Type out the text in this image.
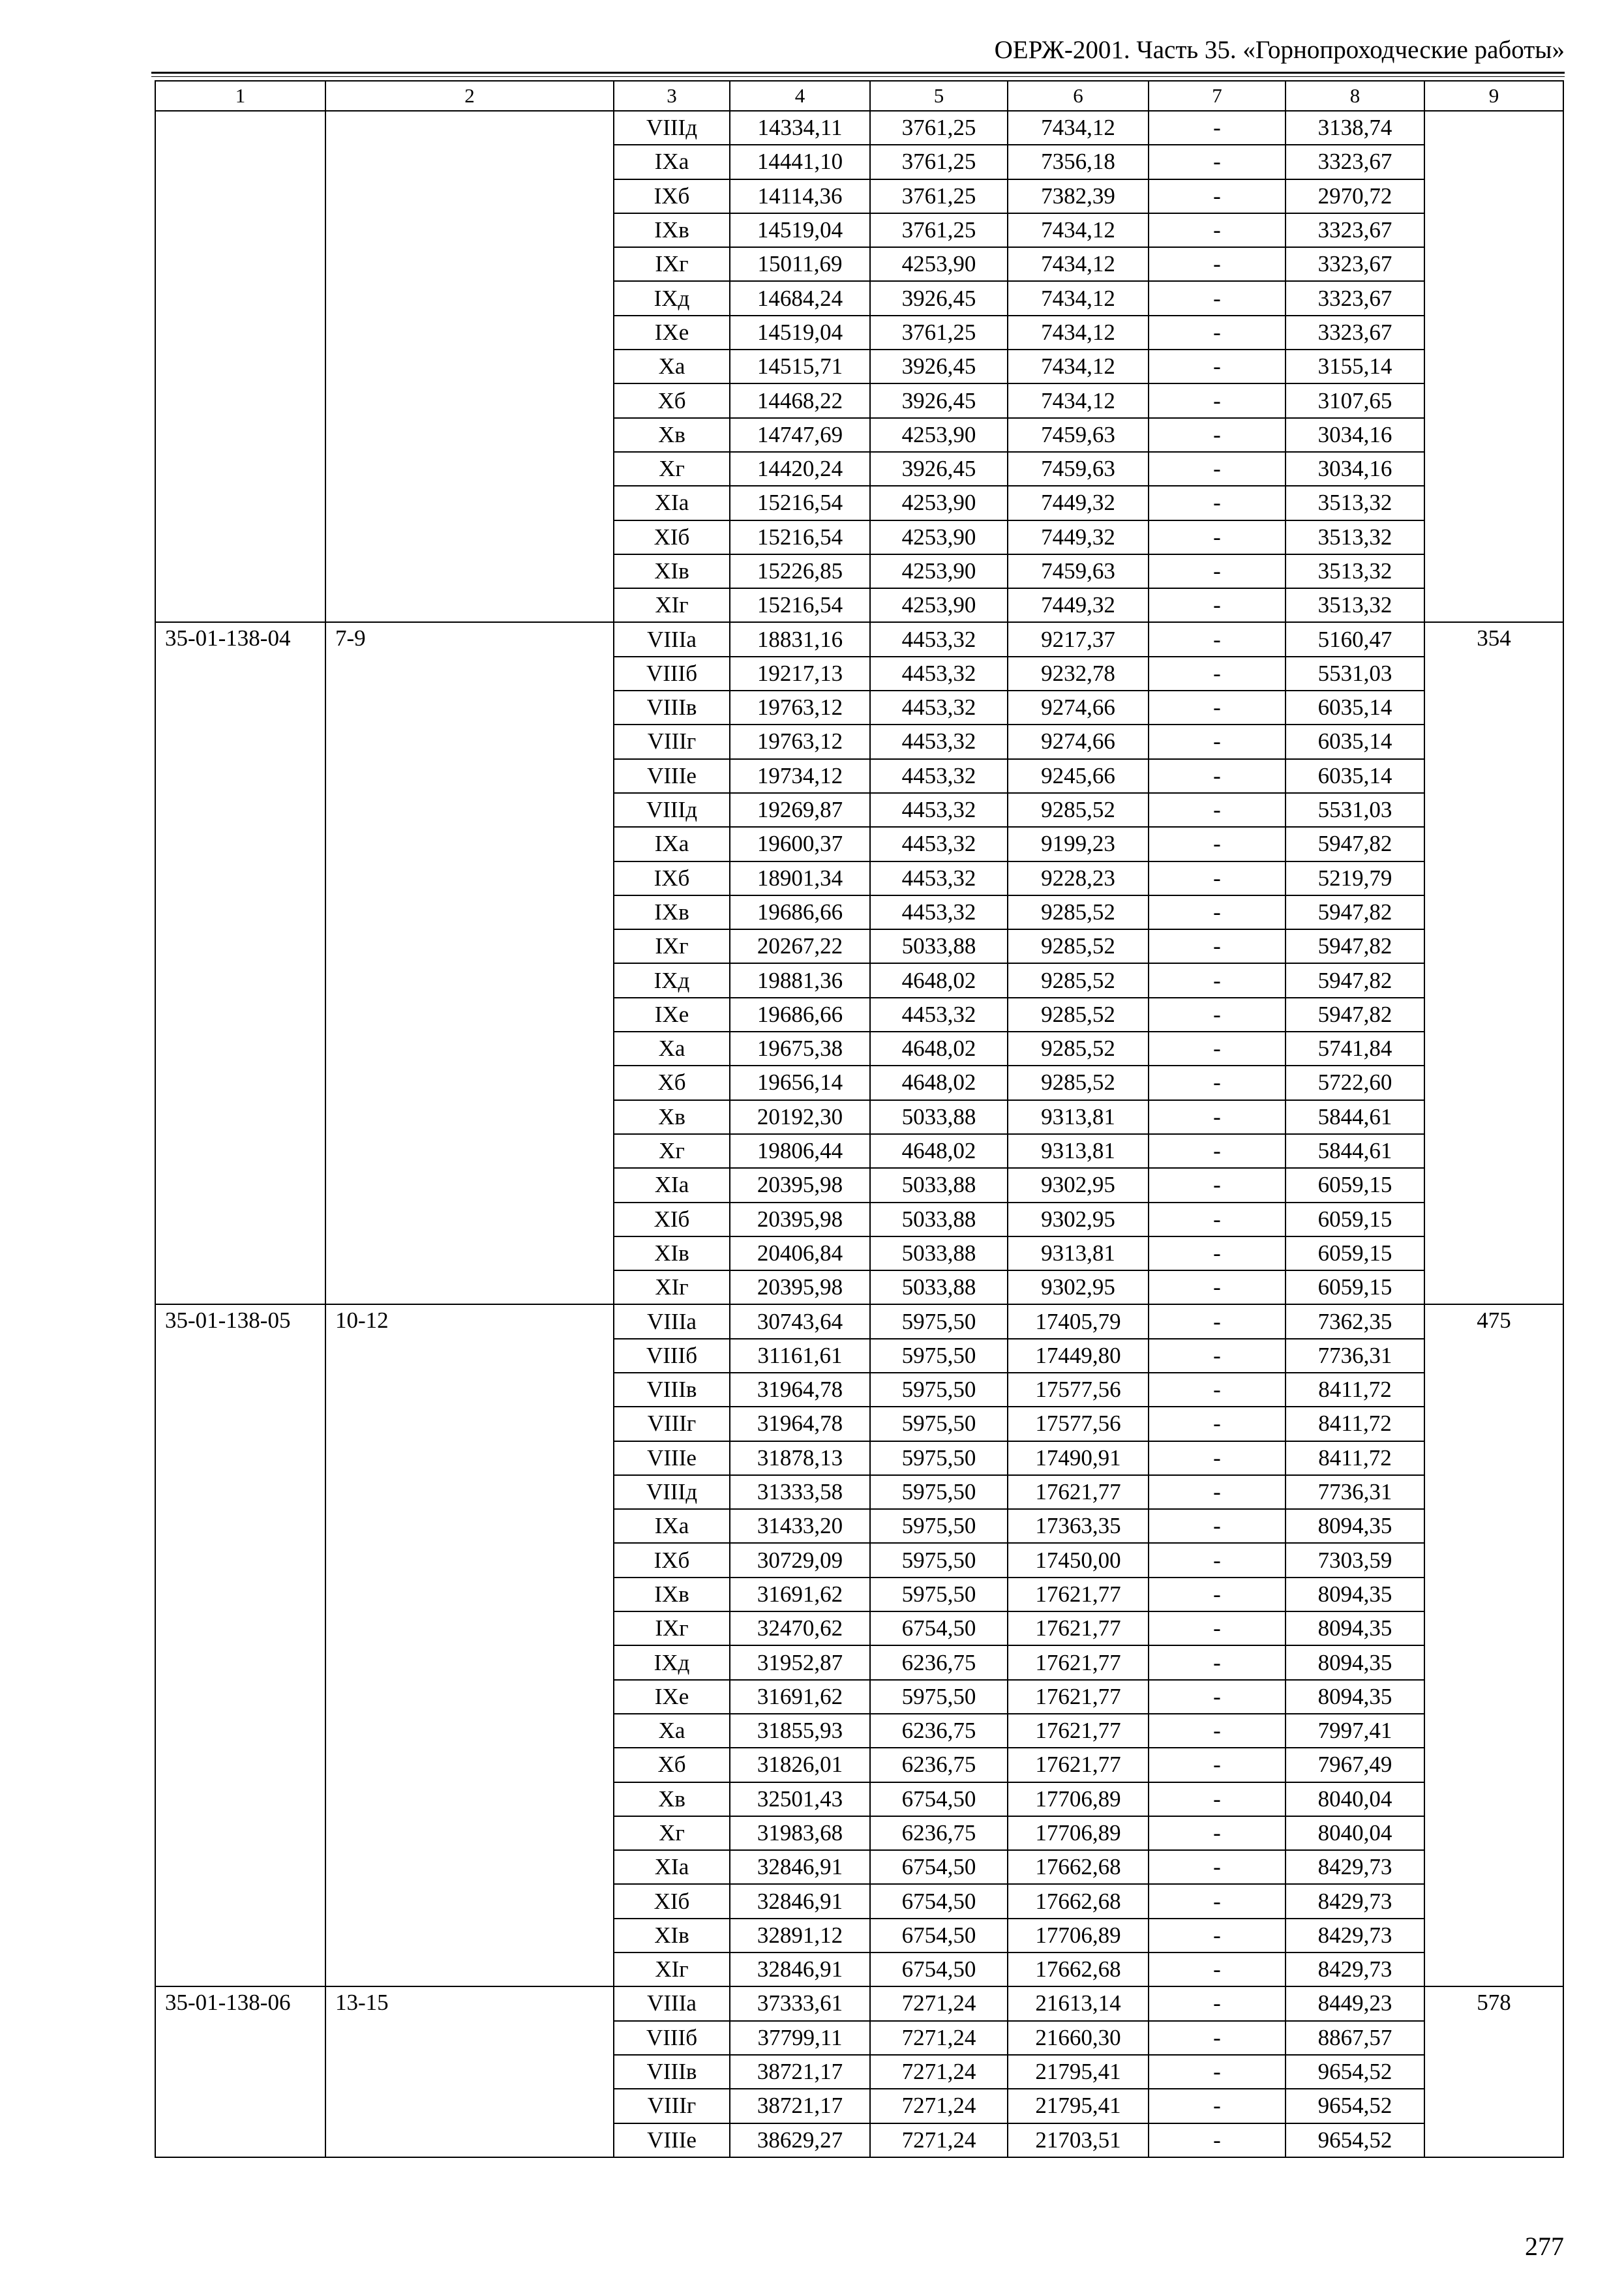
ОЕРЖ-2001. Часть 35. «Горнопроходческие работы»
1	2	3	4	5	6	7	8	9
		VIIIд	14334,11	3761,25	7434,12	-	3138,74	
		IXа	14441,10	3761,25	7356,18	-	3323,67	
		IXб	14114,36	3761,25	7382,39	-	2970,72	
		IXв	14519,04	3761,25	7434,12	-	3323,67	
		IXг	15011,69	4253,90	7434,12	-	3323,67	
		IXд	14684,24	3926,45	7434,12	-	3323,67	
		IXе	14519,04	3761,25	7434,12	-	3323,67	
		Xа	14515,71	3926,45	7434,12	-	3155,14	
		Xб	14468,22	3926,45	7434,12	-	3107,65	
		Xв	14747,69	4253,90	7459,63	-	3034,16	
		Xг	14420,24	3926,45	7459,63	-	3034,16	
		XIа	15216,54	4253,90	7449,32	-	3513,32	
		XIб	15216,54	4253,90	7449,32	-	3513,32	
		XIв	15226,85	4253,90	7459,63	-	3513,32	
		XIг	15216,54	4253,90	7449,32	-	3513,32	
35-01-138-04	7-9	VIIIа	18831,16	4453,32	9217,37	-	5160,47	354
		VIIIб	19217,13	4453,32	9232,78	-	5531,03	
		VIIIв	19763,12	4453,32	9274,66	-	6035,14	
		VIIIг	19763,12	4453,32	9274,66	-	6035,14	
		VIIIе	19734,12	4453,32	9245,66	-	6035,14	
		VIIIд	19269,87	4453,32	9285,52	-	5531,03	
		IXа	19600,37	4453,32	9199,23	-	5947,82	
		IXб	18901,34	4453,32	9228,23	-	5219,79	
		IXв	19686,66	4453,32	9285,52	-	5947,82	
		IXг	20267,22	5033,88	9285,52	-	5947,82	
		IXд	19881,36	4648,02	9285,52	-	5947,82	
		IXе	19686,66	4453,32	9285,52	-	5947,82	
		Xа	19675,38	4648,02	9285,52	-	5741,84	
		Xб	19656,14	4648,02	9285,52	-	5722,60	
		Xв	20192,30	5033,88	9313,81	-	5844,61	
		Xг	19806,44	4648,02	9313,81	-	5844,61	
		XIа	20395,98	5033,88	9302,95	-	6059,15	
		XIб	20395,98	5033,88	9302,95	-	6059,15	
		XIв	20406,84	5033,88	9313,81	-	6059,15	
		XIг	20395,98	5033,88	9302,95	-	6059,15	
35-01-138-05	10-12	VIIIа	30743,64	5975,50	17405,79	-	7362,35	475
		VIIIб	31161,61	5975,50	17449,80	-	7736,31	
		VIIIв	31964,78	5975,50	17577,56	-	8411,72	
		VIIIг	31964,78	5975,50	17577,56	-	8411,72	
		VIIIе	31878,13	5975,50	17490,91	-	8411,72	
		VIIIд	31333,58	5975,50	17621,77	-	7736,31	
		IXа	31433,20	5975,50	17363,35	-	8094,35	
		IXб	30729,09	5975,50	17450,00	-	7303,59	
		IXв	31691,62	5975,50	17621,77	-	8094,35	
		IXг	32470,62	6754,50	17621,77	-	8094,35	
		IXд	31952,87	6236,75	17621,77	-	8094,35	
		IXе	31691,62	5975,50	17621,77	-	8094,35	
		Xа	31855,93	6236,75	17621,77	-	7997,41	
		Xб	31826,01	6236,75	17621,77	-	7967,49	
		Xв	32501,43	6754,50	17706,89	-	8040,04	
		Xг	31983,68	6236,75	17706,89	-	8040,04	
		XIа	32846,91	6754,50	17662,68	-	8429,73	
		XIб	32846,91	6754,50	17662,68	-	8429,73	
		XIв	32891,12	6754,50	17706,89	-	8429,73	
		XIг	32846,91	6754,50	17662,68	-	8429,73	
35-01-138-06	13-15	VIIIа	37333,61	7271,24	21613,14	-	8449,23	578
		VIIIб	37799,11	7271,24	21660,30	-	8867,57	
		VIIIв	38721,17	7271,24	21795,41	-	9654,52	
		VIIIг	38721,17	7271,24	21795,41	-	9654,52	
		VIIIе	38629,27	7271,24	21703,51	-	9654,52	
277
